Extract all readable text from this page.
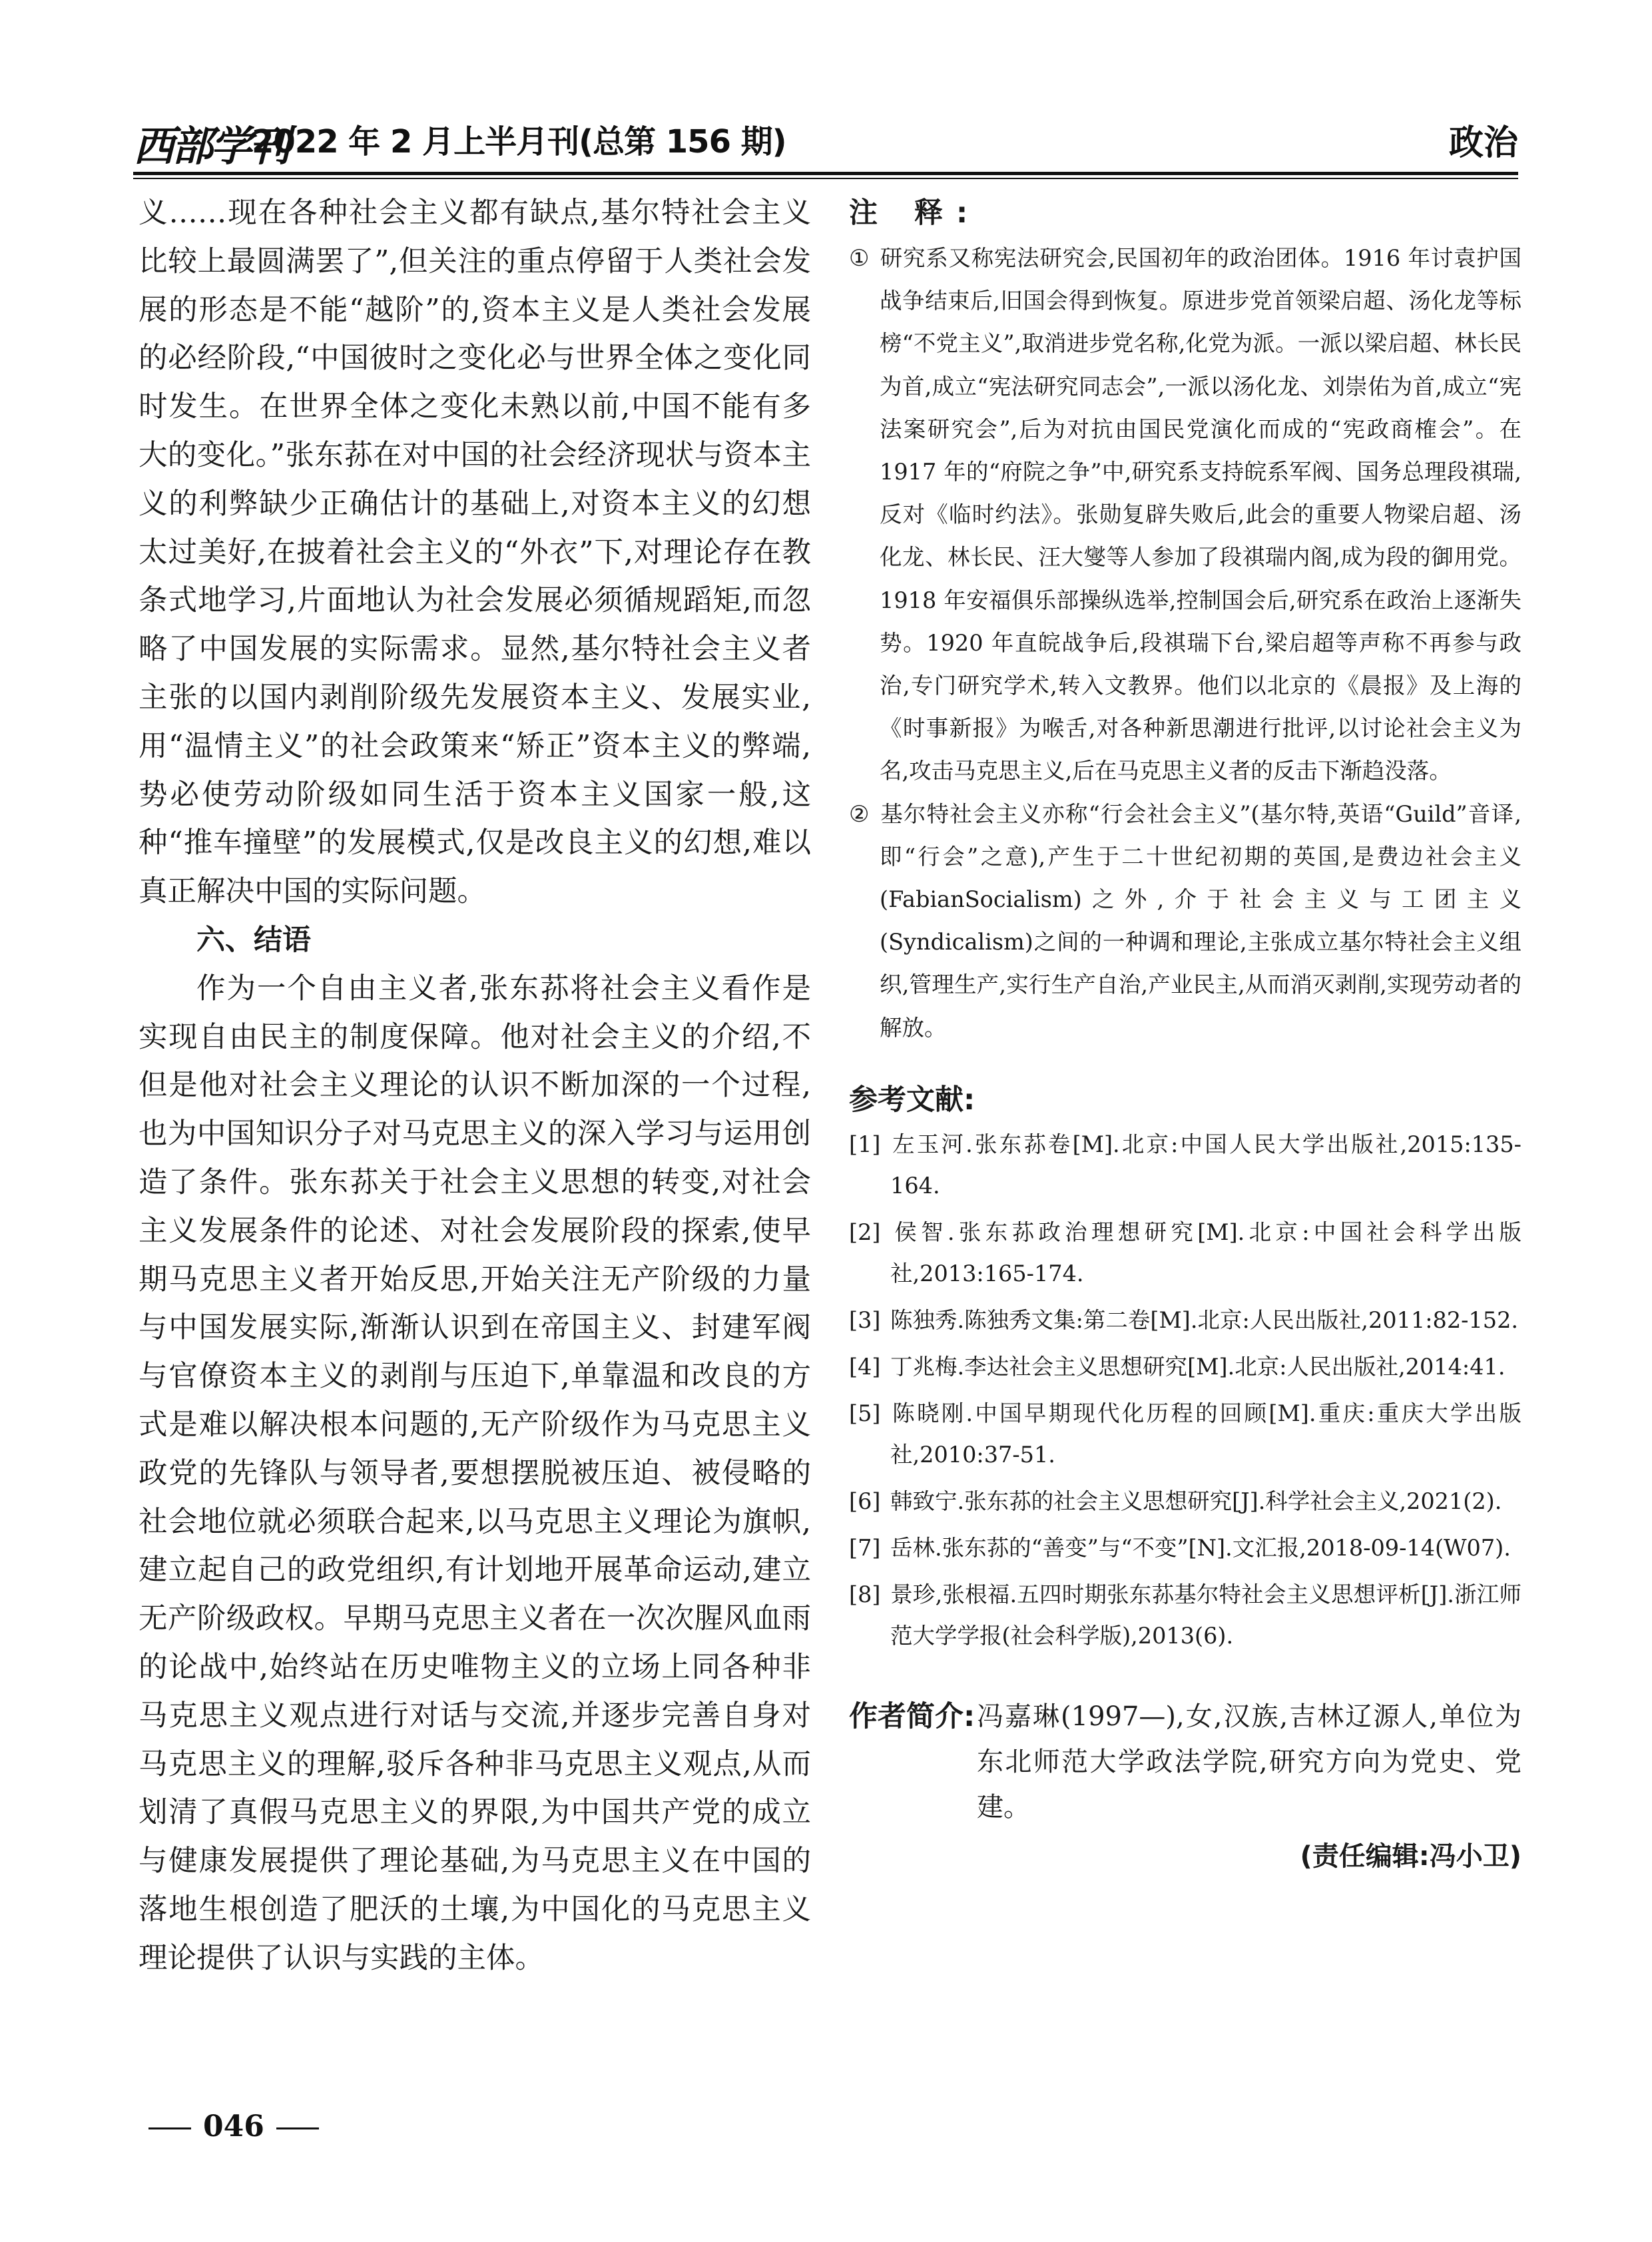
西部学刊
2022 年 2 月上半月刊(总第 156 期)	政治

义……现在各种社会主义都有缺点,基尔特社会主义比较上最圆满罢了”,但关注的重点停留于人类社会发展的形态是不能“越阶”的,资本主义是人类社会发展的必经阶段,“中国彼时之变化必与世界全体之变化同时发生。在世界全体之变化未熟以前,中国不能有多大的变化。”张东荪在对中国的社会经济现状与资本主义的利弊缺少正确估计的基础上,对资本主义的幻想太过美好,在披着社会主义的“外衣”下,对理论存在教条式地学习,片面地认为社会发展必须循规蹈矩,而忽略了中国发展的实际需求。显然,基尔特社会主义者主张的以国内剥削阶级先发展资本主义、发展实业,用“温情主义”的社会政策来“矫正”资本主义的弊端,势必使劳动阶级如同生活于资本主义国家一般,这种“推车撞壁”的发展模式,仅是改良主义的幻想,难以真正解决中国的实际问题。

六、结语

作为一个自由主义者,张东荪将社会主义看作是实现自由民主的制度保障。他对社会主义的介绍,不但是他对社会主义理论的认识不断加深的一个过程,也为中国知识分子对马克思主义的深入学习与运用创造了条件。张东荪关于社会主义思想的转变,对社会主义发展条件的论述、对社会发展阶段的探索,使早期马克思主义者开始反思,开始关注无产阶级的力量与中国发展实际,渐渐认识到在帝国主义、封建军阀与官僚资本主义的剥削与压迫下,单靠温和改良的方式是难以解决根本问题的,无产阶级作为马克思主义政党的先锋队与领导者,要想摆脱被压迫、被侵略的社会地位就必须联合起来,以马克思主义理论为旗帜,建立起自己的政党组织,有计划地开展革命运动,建立无产阶级政权。早期马克思主义者在一次次腥风血雨的论战中,始终站在历史唯物主义的立场上同各种非马克思主义观点进行对话与交流,并逐步完善自身对马克思主义的理解,驳斥各种非马克思主义观点,从而划清了真假马克思主义的界限,为中国共产党的成立与健康发展提供了理论基础,为马克思主义在中国的落地生根创造了肥沃的土壤,为中国化的马克思主义理论提供了认识与实践的主体。

注 释:

① 研究系又称宪法研究会,民国初年的政治团体。1916 年讨袁护国战争结束后,旧国会得到恢复。原进步党首领梁启超、汤化龙等标榜“不党主义”,取消进步党名称,化党为派。一派以梁启超、林长民为首,成立“宪法研究同志会”,一派以汤化龙、刘崇佑为首,成立“宪法案研究会”,后为对抗由国民党演化而成的“宪政商榷会”。在 1917 年的“府院之争”中,研究系支持皖系军阀、国务总理段祺瑞,反对《临时约法》。张勋复辟失败后,此会的重要人物梁启超、汤化龙、林长民、汪大燮等人参加了段祺瑞内阁,成为段的御用党。1918 年安福俱乐部操纵选举,控制国会后,研究系在政治上逐渐失势。1920 年直皖战争后,段祺瑞下台,梁启超等声称不再参与政治,专门研究学术,转入文教界。他们以北京的《晨报》及上海的《时事新报》为喉舌,对各种新思潮进行批评,以讨论社会主义为名,攻击马克思主义,后在马克思主义者的反击下渐趋没落。

② 基尔特社会主义亦称“行会社会主义”(基尔特,英语“Guild”音译,即“行会”之意),产生于二十世纪初期的英国,是费边社会主义(FabianSocialism)之外,介于社会主义与工团主义(Syndicalism)之间的一种调和理论,主张成立基尔特社会主义组织,管理生产,实行生产自治,产业民主,从而消灭剥削,实现劳动者的解放。

参考文献:

[1] 左玉河.张东荪卷[M].北京:中国人民大学出版社,2015:135-164.

[2] 侯智.张东荪政治理想研究[M].北京:中国社会科学出版社,2013:165-174.

[3] 陈独秀.陈独秀文集:第二卷[M].北京:人民出版社,2011:82-152.

[4] 丁兆梅.李达社会主义思想研究[M].北京:人民出版社,2014:41.

[5] 陈晓刚.中国早期现代化历程的回顾[M].重庆:重庆大学出版社,2010:37-51.

[6] 韩致宁.张东荪的社会主义思想研究[J].科学社会主义,2021(2).

[7] 岳林.张东荪的“善变”与“不变”[N].文汇报,2018-09-14(W07).

[8] 景珍,张根福.五四时期张东荪基尔特社会主义思想评析[J].浙江师范大学学报(社会科学版),2013(6).

作者简介: 冯嘉琳(1997—),女,汉族,吉林辽源人,单位为东北师范大学政法学院,研究方向为党史、党建。
(责任编辑:冯小卫)
046
